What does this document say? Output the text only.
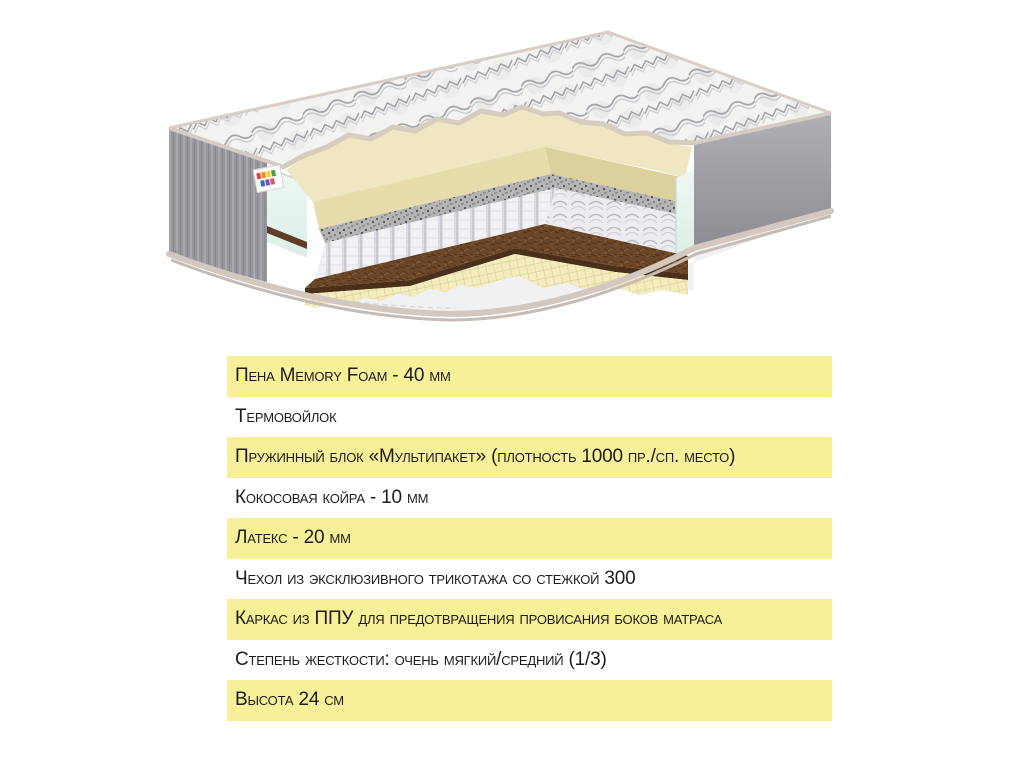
Пена Memory Foam - 40 мм
Термовойлок
Пружинный блок «Мультипакет» (плотность 1000 пр./сп. место)
Кокосовая койра - 10 мм
Латекс - 20 мм
Чехол из эксклюзивного трикотажа со стежкой 300
Каркас из ППУ для предотвращения провисания боков матраса
Степень жесткости: очень мягкий/средний (1/3)
Высота 24 см
